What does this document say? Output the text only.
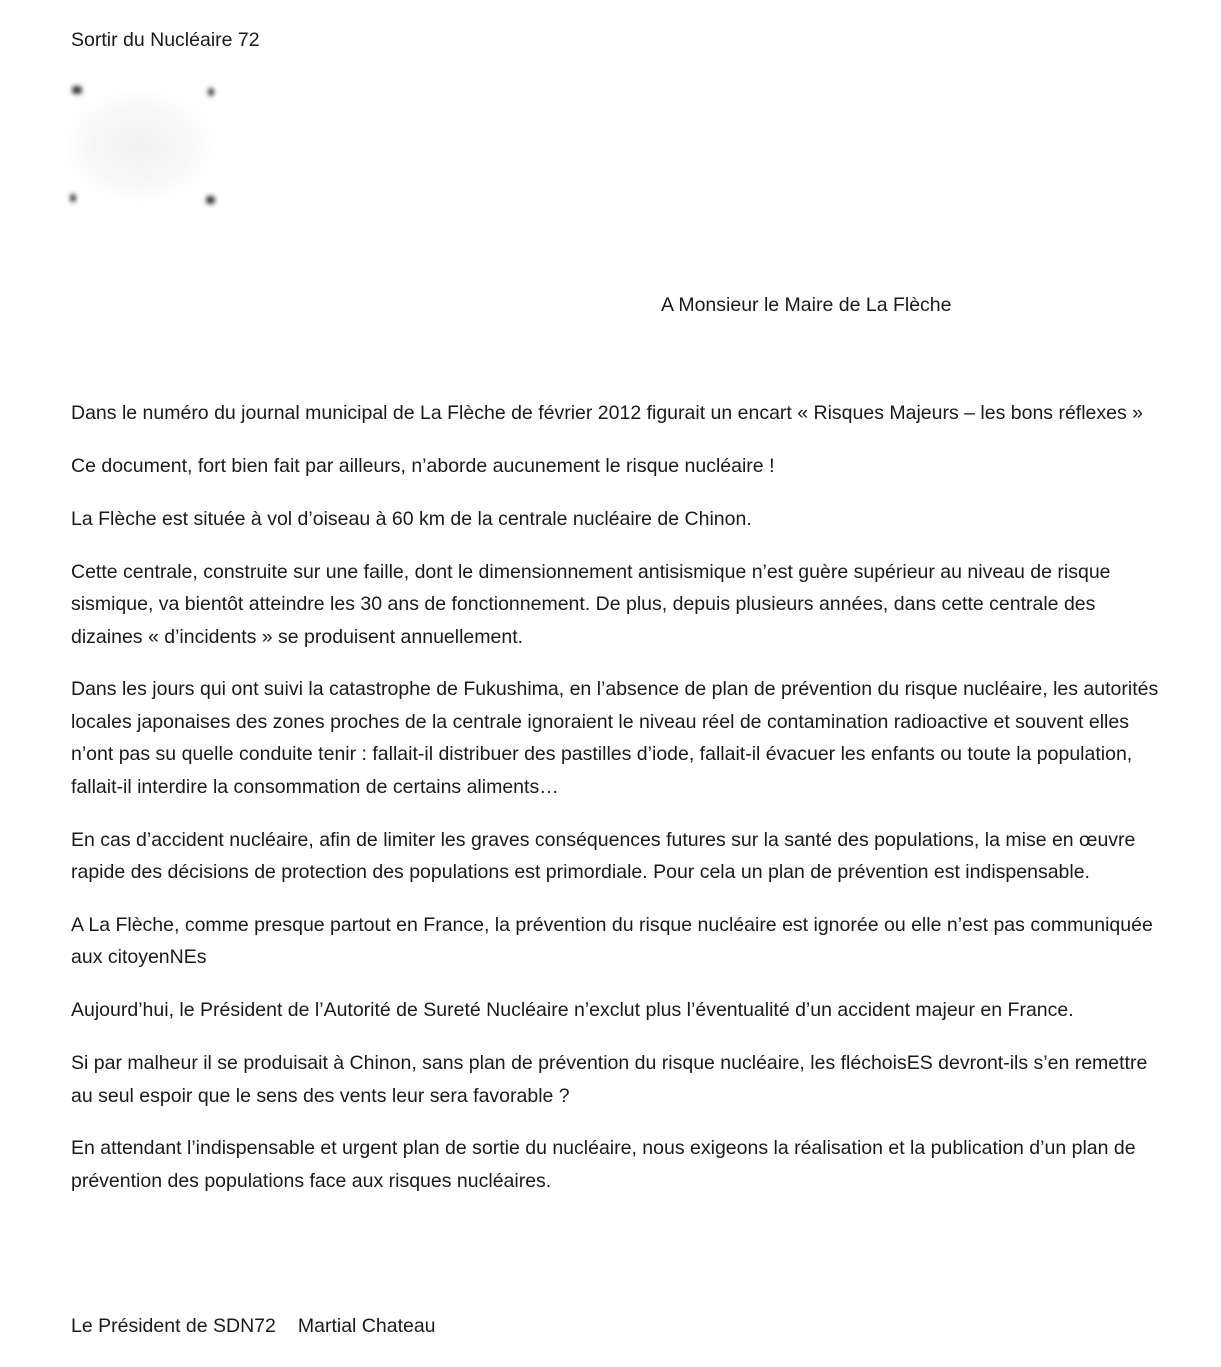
Sortir du Nucléaire 72
A Monsieur le Maire de La Flèche

Dans le numéro du journal municipal de La Flèche de février 2012 figurait un encart « Risques Majeurs – les bons réflexes »

Ce document, fort bien fait par ailleurs, n’aborde aucunement le risque nucléaire !

La Flèche est située à vol d’oiseau à 60 km de la centrale nucléaire de Chinon.

Cette centrale, construite sur une faille, dont le dimensionnement antisismique n’est guère supérieur au niveau de risque sismique, va bientôt atteindre les 30 ans de fonctionnement. De plus, depuis plusieurs années, dans cette centrale des dizaines « d’incidents » se produisent annuellement.

Dans les jours qui ont suivi la catastrophe de Fukushima, en l’absence de plan de prévention du risque nucléaire, les autorités locales japonaises des zones proches de la centrale ignoraient le niveau réel de contamination radioactive et souvent elles n’ont pas su quelle conduite tenir : fallait-il distribuer des pastilles d’iode, fallait-il évacuer les enfants ou toute la population, fallait-il interdire la consommation de certains aliments…

En cas d’accident nucléaire, afin de limiter les graves conséquences futures sur la santé des populations, la mise en œuvre rapide des décisions de protection des populations est primordiale. Pour cela un plan de prévention est indispensable.

A La Flèche, comme presque partout en France, la prévention du risque nucléaire est ignorée ou elle n’est pas communiquée aux citoyenNEs

Aujourd’hui, le Président de l’Autorité de Sureté Nucléaire n’exclut plus l’éventualité d’un accident majeur en France.

Si par malheur il se produisait à Chinon, sans plan de prévention du risque nucléaire, les fléchoisES devront-ils s’en remettre au seul espoir que le sens des vents leur sera favorable ?

En attendant l’indispensable et urgent plan de sortie du nucléaire, nous exigeons la réalisation et la publication d’un plan de prévention des populations face aux risques nucléaires.

Le Président de SDN72 Martial Chateau
